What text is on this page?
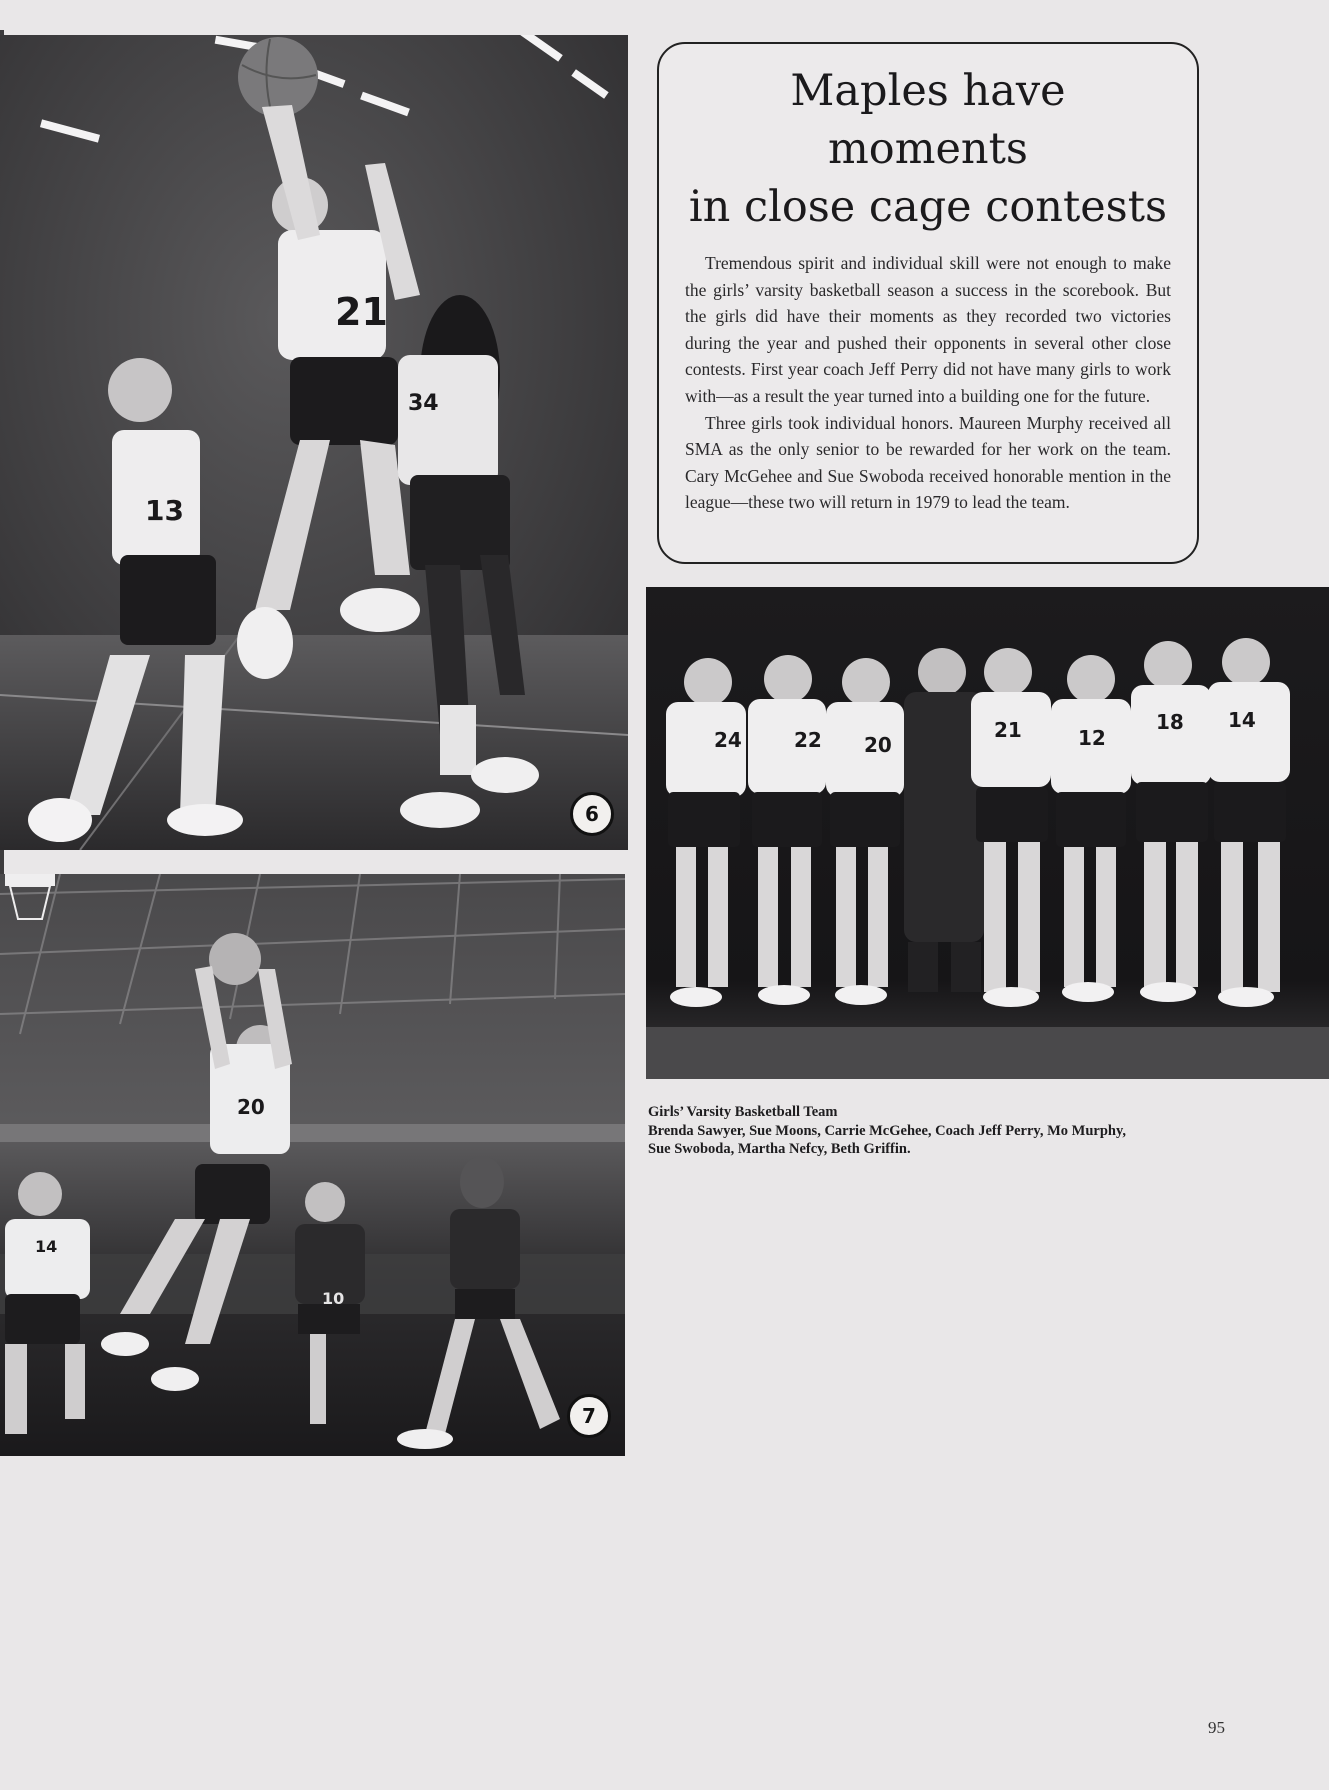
21
13
34
6
20
14
10
7
Maples have moments
in close cage contests

Tremendous spirit and individual skill were not enough to make the girls’ varsity basketball season a success in the scorebook. But the girls did have their moments as they recorded two victories during the year and pushed their opponents in several other close contests. First year coach Jeff Perry did not have many girls to work with—as a result the year turned into a building one for the future.

Three girls took individual honors. Maureen Murphy received all SMA as the only senior to be rewarded for her work on the team. Cary McGehee and Sue Swoboda received honorable mention in the league—these two will return in 1979 to lead the team.

24	22 20
21	12
18 14
Girls’ Varsity Basketball Team
Brenda Sawyer, Sue Moons, Carrie McGehee, Coach Jeff Perry, Mo Murphy,
Sue Swoboda, Martha Nefcy, Beth Griffin.
95
